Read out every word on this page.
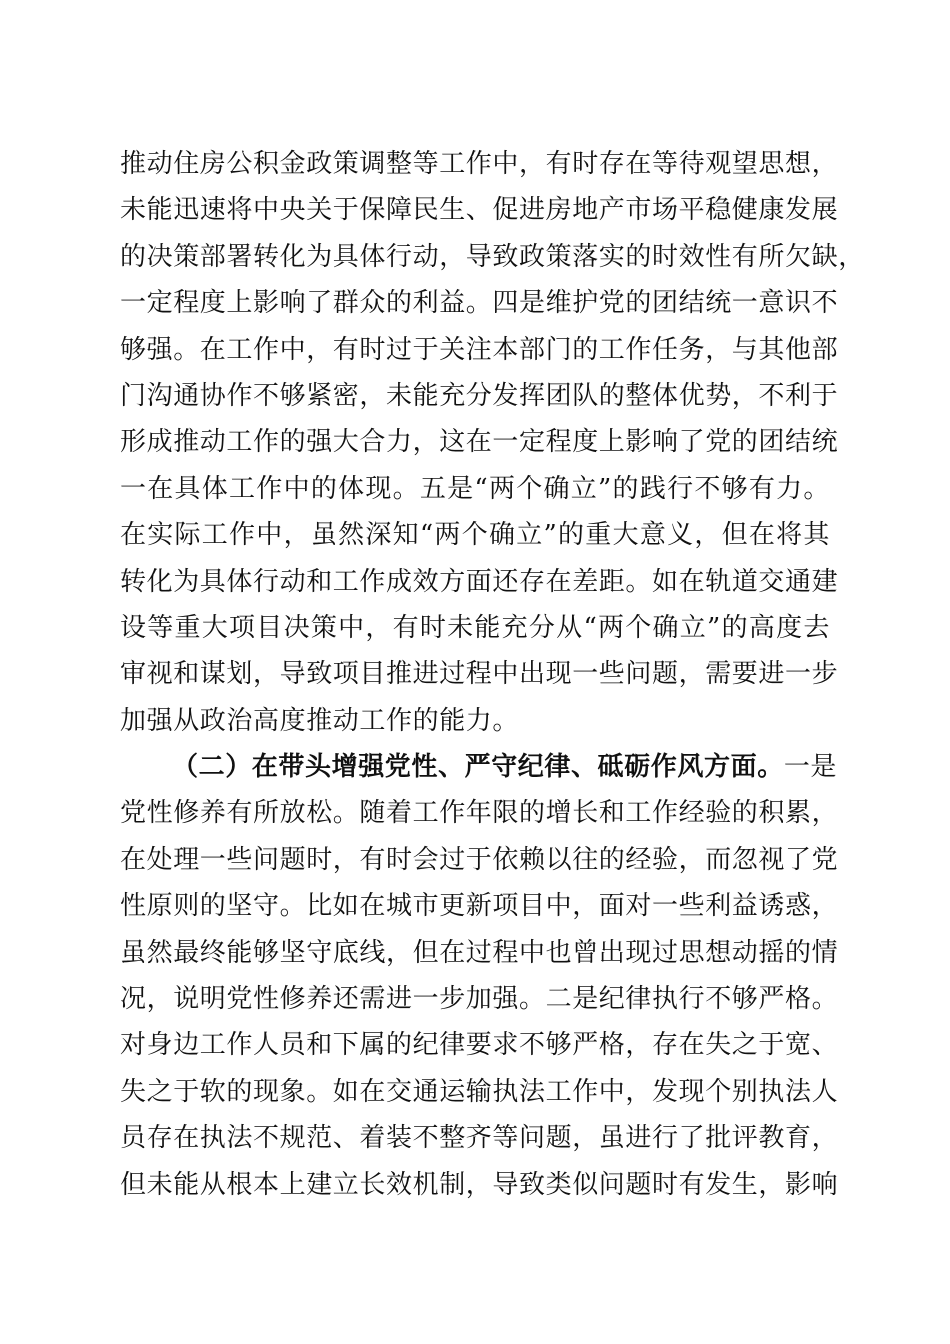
推动住房公积金政策调整等工作中，有时存在等待观望思想，
未能迅速将中央关于保障民生、促进房地产市场平稳健康发展
的决策部署转化为具体行动，导致政策落实的时效性有所欠缺，
一定程度上影响了群众的利益。四是维护党的团结统一意识不
够强。在工作中，有时过于关注本部门的工作任务，与其他部
门沟通协作不够紧密，未能充分发挥团队的整体优势，不利于
形成推动工作的强大合力，这在一定程度上影响了党的团结统
一在具体工作中的体现。五是“两个确立”的践行不够有力。
在实际工作中，虽然深知“两个确立”的重大意义，但在将其
转化为具体行动和工作成效方面还存在差距。如在轨道交通建
设等重大项目决策中，有时未能充分从“两个确立”的高度去
审视和谋划，导致项目推进过程中出现一些问题，需要进一步
加强从政治高度推动工作的能力。
（二）在带头增强党性、严守纪律、砥砺作风方面。一是
党性修养有所放松。随着工作年限的增长和工作经验的积累，
在处理一些问题时，有时会过于依赖以往的经验，而忽视了党
性原则的坚守。比如在城市更新项目中，面对一些利益诱惑，
虽然最终能够坚守底线，但在过程中也曾出现过思想动摇的情
况，说明党性修养还需进一步加强。二是纪律执行不够严格。
对身边工作人员和下属的纪律要求不够严格，存在失之于宽、
失之于软的现象。如在交通运输执法工作中，发现个别执法人
员存在执法不规范、着装不整齐等问题，虽进行了批评教育，
但未能从根本上建立长效机制，导致类似问题时有发生，影响
